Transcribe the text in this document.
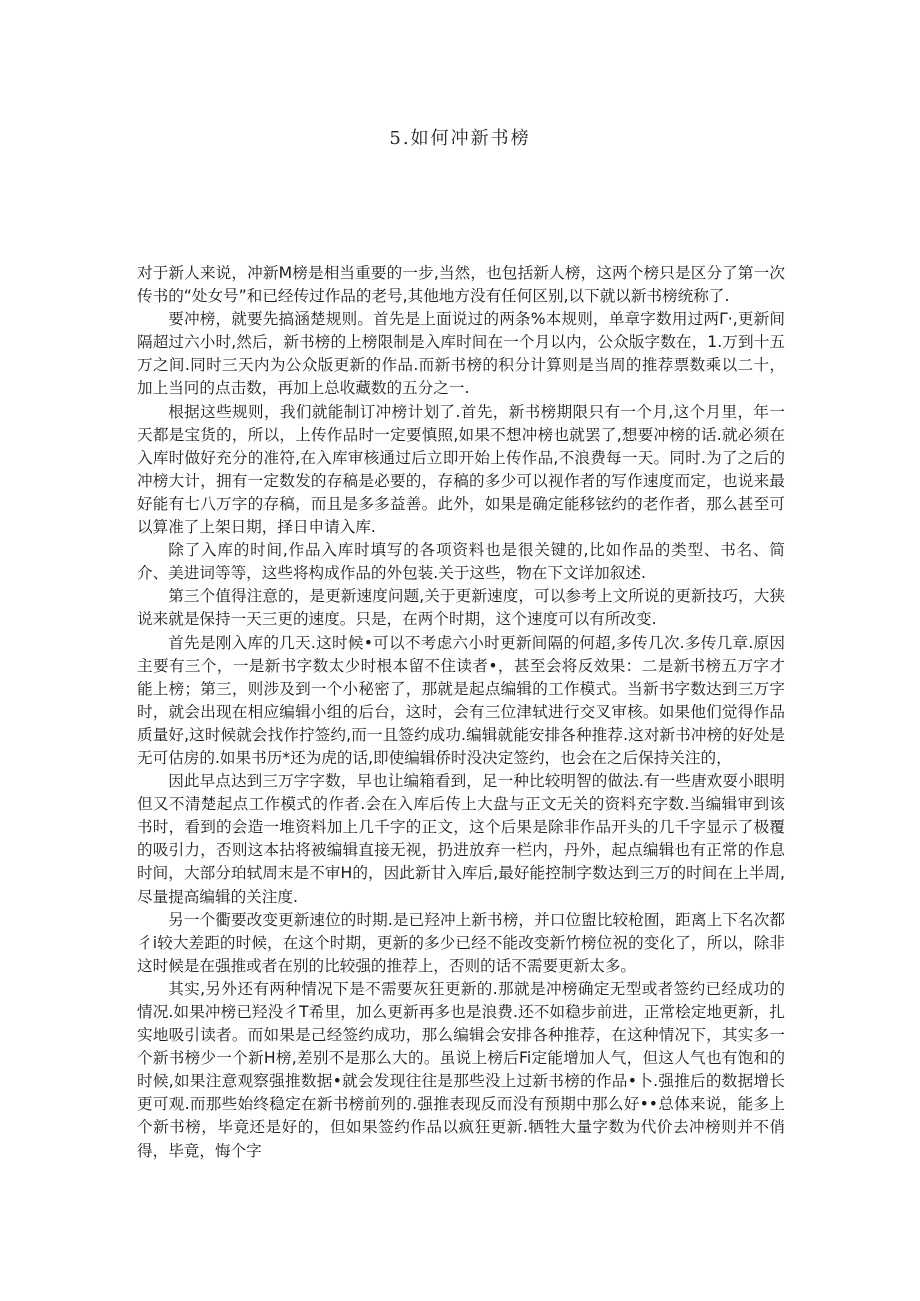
5.如何冲新书榜

对于新人来说，冲新M榜是相当重要的一步,当然，也包括新人榜，这两个榜只是区分了第一次传书的“处女号”和已经传过作品的老号,其他地方没有任何区别,以下就以新书榜统称了.

要冲榜，就要先搞涵楚规则。首先是上面说过的两条%本规则，单章字数用过两Γ·,更新间隔超过六小时,然后，新书榜的上榜限制是入库时间在一个月以内，公众版字数在，1.万到十五万之间.同时三天内为公众版更新的作品.而新书榜的积分计算则是当周的推荐票数乘以二十，加上当冋的点击数，再加上总收藏数的五分之一.

根据这些规则，我们就能制订冲榜计划了.首先，新书榜期限只有一个月,这个月里，年一天都是宝货的，所以，上传作品时一定要慎照,如果不想冲榜也就罢了,想要冲榜的话.就必须在入库时做好充分的准符,在入库审核通过后立即开始上传作品,不浪费每一天。同时.为了之后的冲榜大计，拥有一定数发的存稿是必要的，存稿的多少可以视作者的写作速度而定，也说来最好能有七八万字的存稿，而且是多多益善。此外，如果是确定能移铉约的老作者，那么甚至可以算准了上架日期，择日申请入库.

除了入库的时间,作品入库时填写的各项资料也是很关键的,比如作品的类型、书名、简介、美进词等等，这些将构成作品的外包装.关于这些，物在下文详加叙述.

第三个值得注意的，是更新速度问题,关于更新速度，可以参考上文所说的更新技巧，大狭说来就是保持一天三更的速度。只是，在两个时期，这个速度可以有所改变.

首先是刚入库的几天.这时候•可以不考虑六小时更新间隔的何超,多传几次.多传几章.原因主要有三个，一是新书字数太少时根本留不住读者•，甚至会将反效果：二是新书榜五万字才能上榜；第三，则涉及到一个小秘密了，那就是起点编辑的工作模式。当新书字数达到三万字时，就会出现在相应编辑小组的后台，这时，会有三位津轼进行交叉审核。如果他们觉得作品质量好,这时候就会找作拧签约,而一且签约成功.编辑就能安排各种推荐.这对新书冲榜的好处是无可估房的.如果书历*还为虎的话,即使编辑侨时没决定签约，也会在之后保持关注的，

因此早点达到三万字字数，早也让编箱看到，足一种比较明智的做法.有一些唐欢耍小眼明但又不清楚起点工作模式的作者.会在入库后传上大盘与正文无关的资料充字数.当编辑审到该书时，看到的会造一堆资料加上几千字的正文，这个后果是除非作品开头的几千字显示了极覆的吸引力，否则这本拈将被编辑直接无视，扔进放弃一栏内，丹外，起点编辑也有正常的作息时间，大部分珀轼周末是不审H的，因此新甘入库后,最好能控制字数达到三万的时间在上半周,尽量提高编辑的关注度.

另一个衢要改变更新速位的时期.是已羟冲上新书榜，并口位盥比较枪囿，距离上下名次都彳i较大差距的时候，在这个时期，更新的多少已经不能改变新竹榜位祝的变化了，所以，除非这时候是在强推或者在别的比较强的推荐上，否则的话不需要更新太多。

其实,另外还有两种情况下是不需要灰狂更新的.那就是冲榜确定无型或者签约已经成功的情况.如果冲榜已羟没彳T希里，加么更新再多也是浪费.还不如稳步前进，正常桧定地更新，扎实地吸引读者。而如果是己经签约成功，那么编辑会安排各种推荐，在这种情况下，其实多一个新书榜少一个新H榜,差别不是那么大的。虽说上榜后Fi定能增加人气，但这人气也有饱和的时候,如果注意观察强推数据•就会发现往往是那些没上过新书榜的作品•卜.强推后的数据增长更可观.而那些始终稳定在新书榜前列的.强推表现反而没有预期中那么好••总体来说，能多上个新书榜，毕竟还是好的，但如果签约作品以疯狂更新.牺牲大量字数为代价去冲榜则并不俏得，毕竟，悔个字
